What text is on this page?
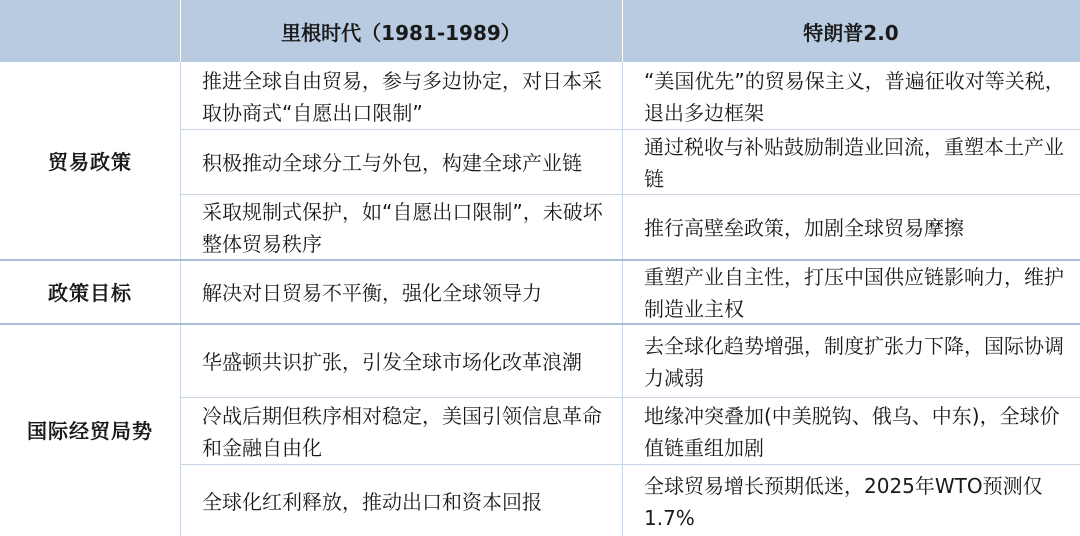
里根时代（1981-1989）	特朗普2.0
贸易政策
推进全球自由贸易，参与多边协定，对日本采取协商式“自愿出口限制”
“美国优先”的贸易保主义，普遍征收对等关税，退出多边框架
积极推动全球分工与外包，构建全球产业链
通过税收与补贴鼓励制造业回流，重塑本土产业链
采取规制式保护，如“自愿出口限制”，未破坏整体贸易秩序
推行高壁垒政策，加剧全球贸易摩擦
政策目标	解决对日贸易不平衡，强化全球领导力
重塑产业自主性，打压中国供应链影响力，维护制造业主权
国际经贸局势
华盛顿共识扩张，引发全球市场化改革浪潮
去全球化趋势增强，制度扩张力下降，国际协调力减弱
冷战后期但秩序相对稳定，美国引领信息革命和金融自由化
地缘冲突叠加(中美脱钩、俄乌、中东)，全球价值链重组加剧
全球化红利释放，推动出口和资本回报
全球贸易增长预期低迷，2025年WTO预测仅1.7%
